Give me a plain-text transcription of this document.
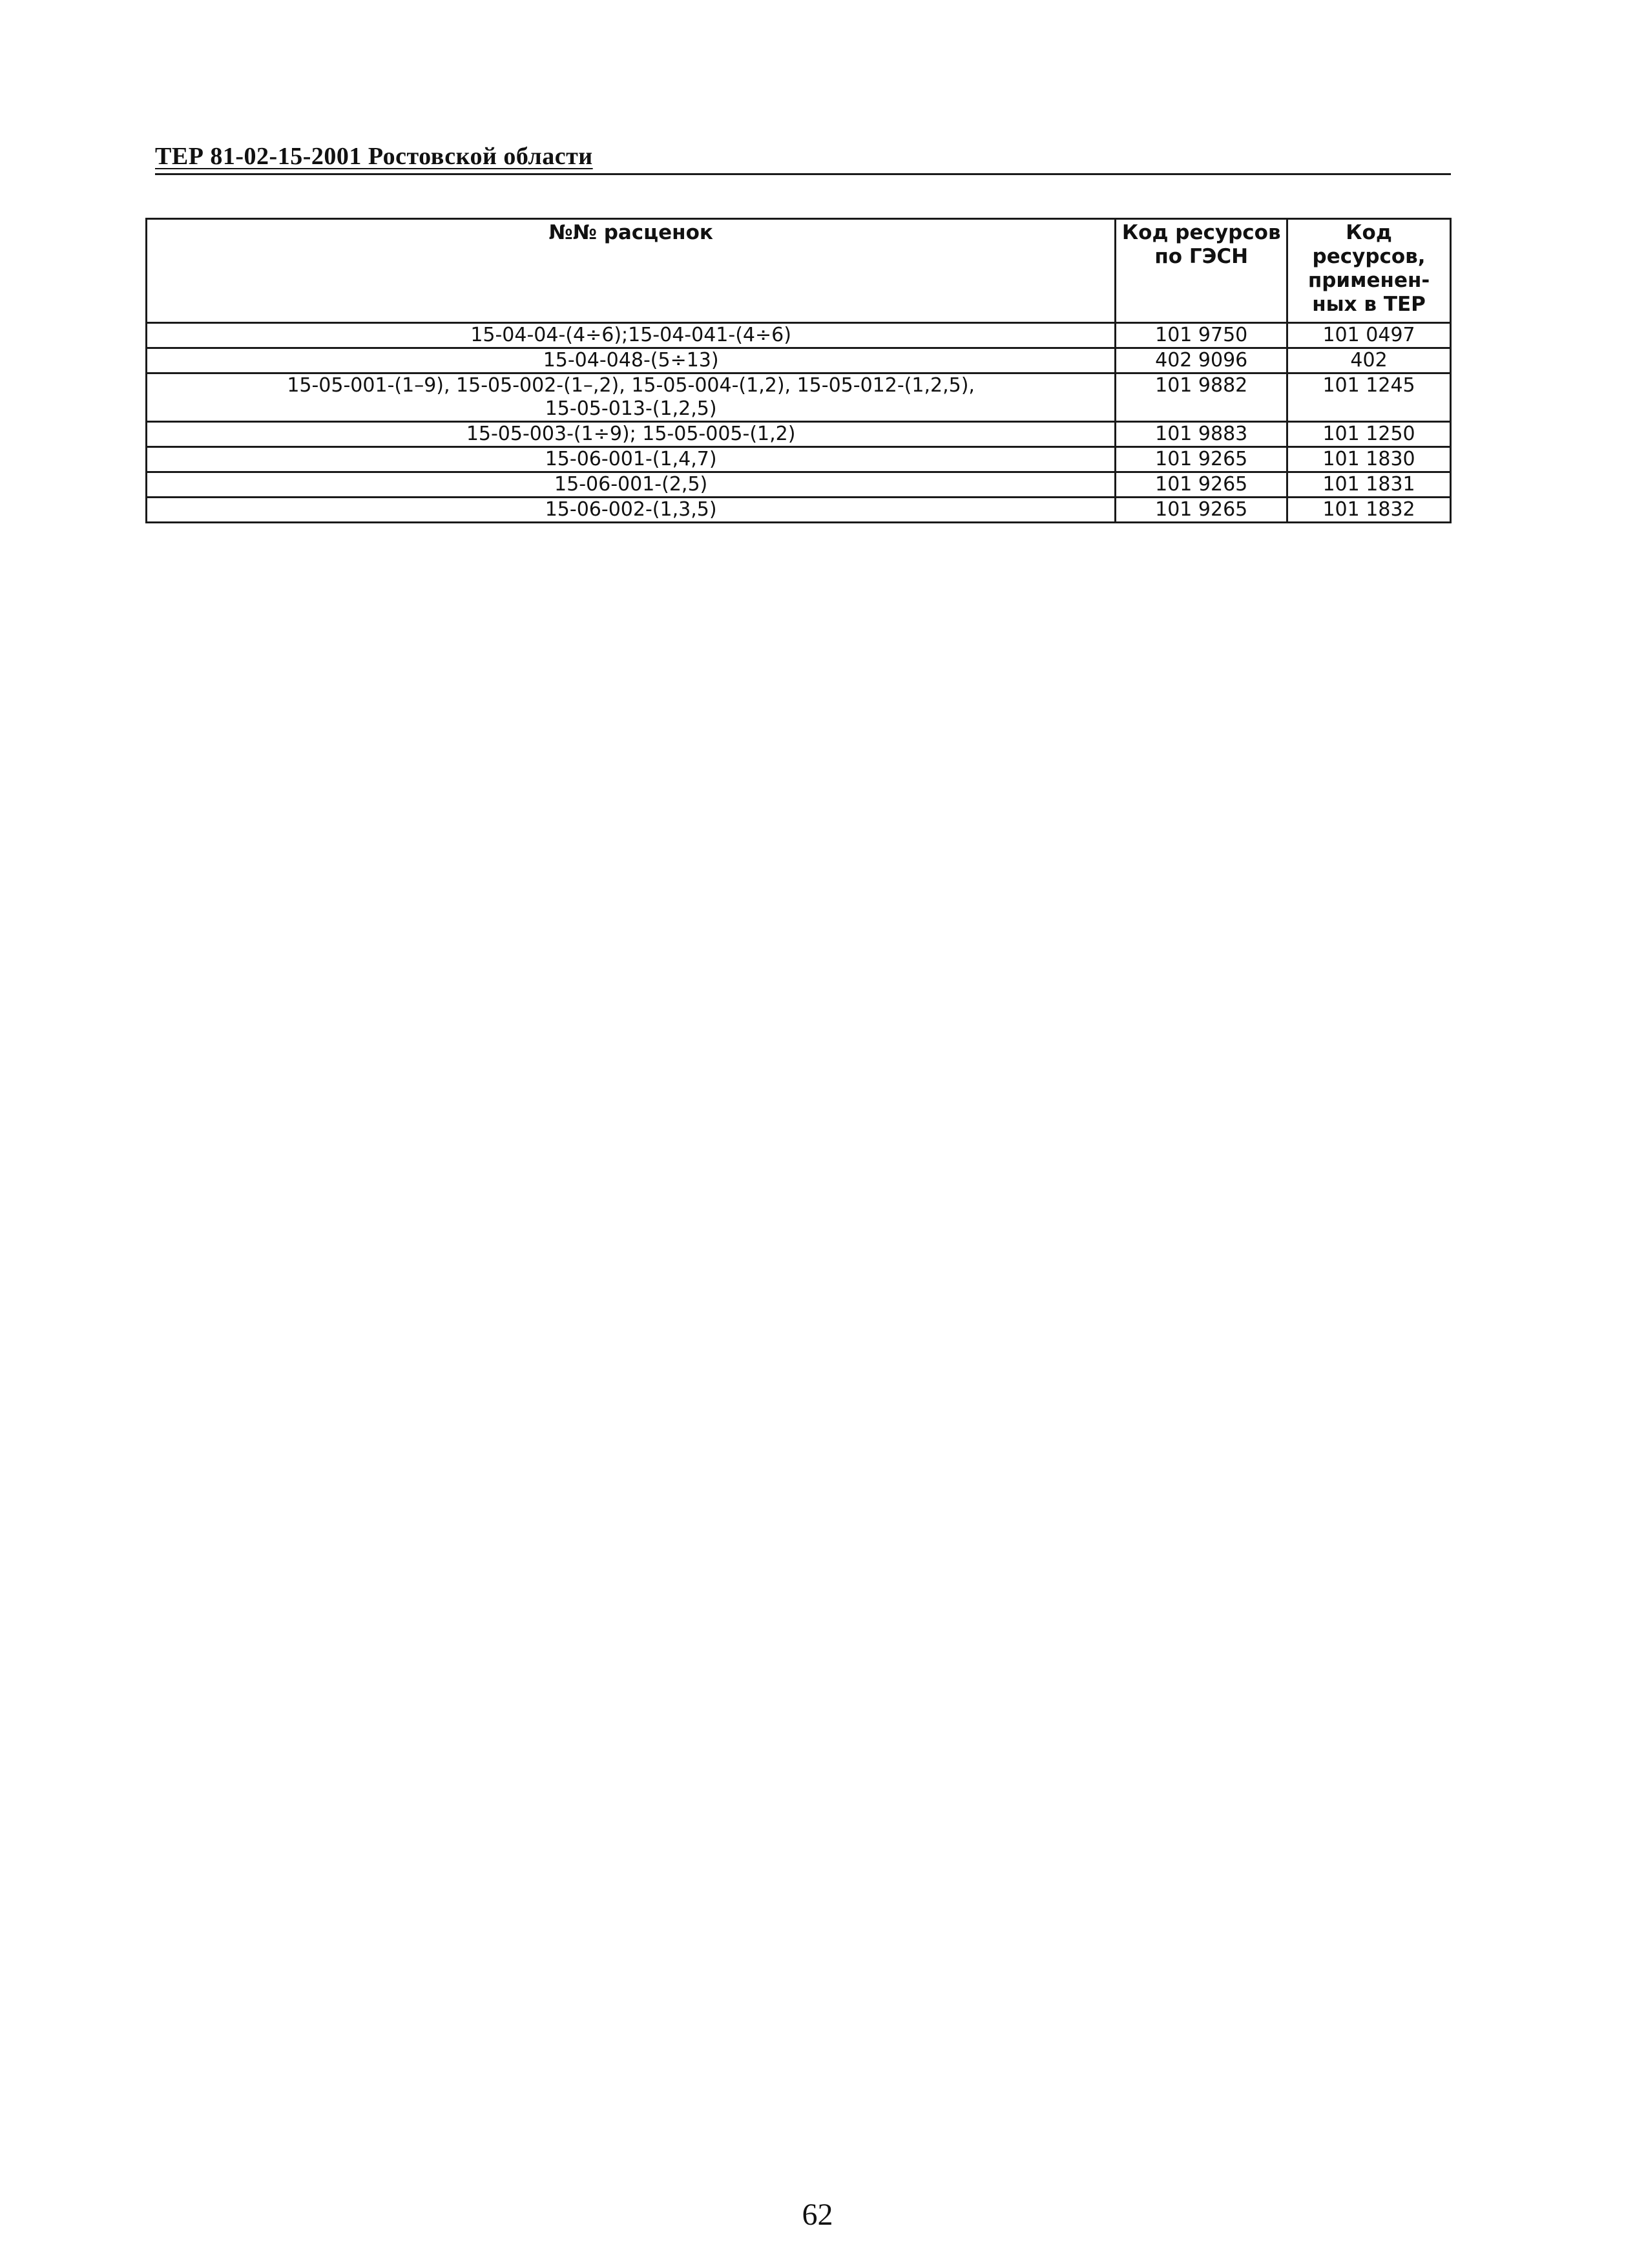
ТЕР 81-02-15-2001 Ростовской области
№№ расценок	Код ресурсов по ГЭСН	Код ресурсов, применен-ных в ТЕР
15-04-04-(4÷6);15-04-041-(4÷6)	101 9750	101 0497
15-04-048-(5÷13)	402 9096	402
15-05-001-(1–9), 15-05-002-(1–,2), 15-05-004-(1,2), 15-05-012-(1,2,5),
15-05-013-(1,2,5)	101 9882	101 1245
15-05-003-(1÷9); 15-05-005-(1,2)	101 9883	101 1250
15-06-001-(1,4,7)	101 9265	101 1830
15-06-001-(2,5)	101 9265	101 1831
15-06-002-(1,3,5)	101 9265	101 1832
62
